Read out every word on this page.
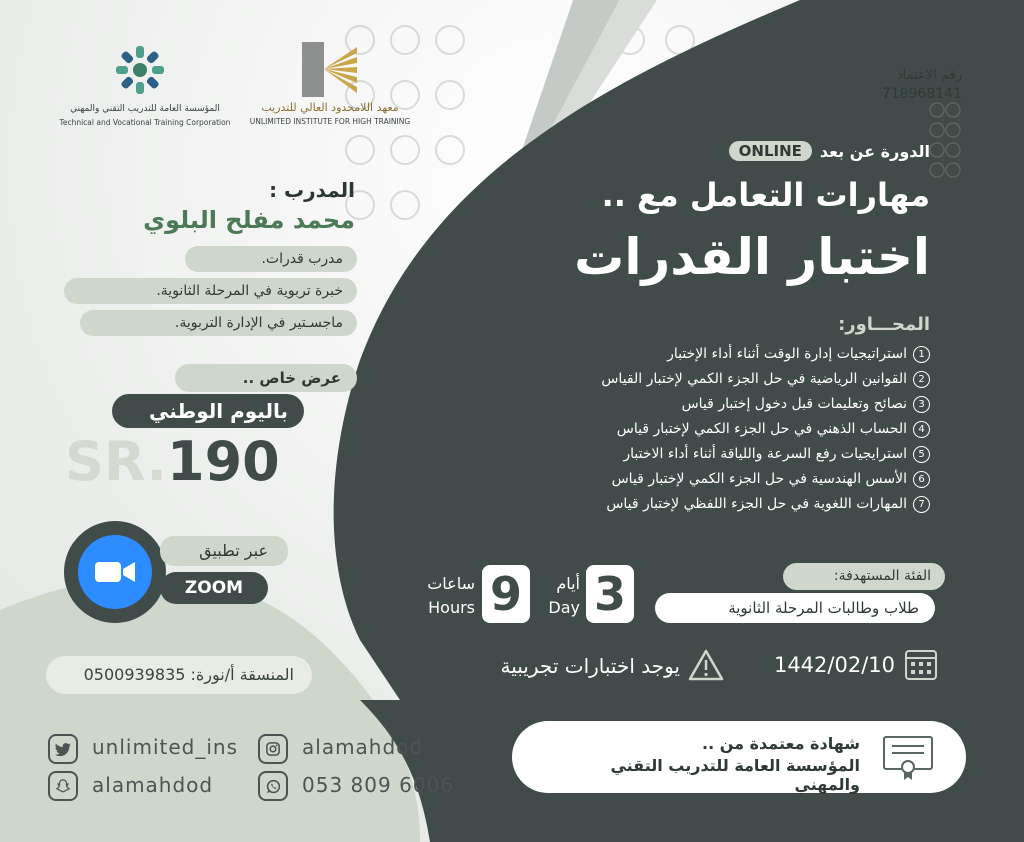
المؤسسة العامة للتدريب التقني والمهني
Technical and Vocational Training Corporation
معهد اللامحدود العالي للتدريب
UNLIMITED INSTITUTE FOR HIGH TRAINING
رقم الاعتماد
718968141
الدورة عن بعد
ONLINE
مهارات التعامل مع ..
اختبار القدرات
المحـــاور:
1استراتيجيات إدارة الوقت أثناء أداء الإختبار
2القوانين الرياضية في حل الجزء الكمي لإختبار القياس
3نصائح وتعليمات قبل دخول إختبار قياس
4الحساب الذهني في حل الجزء الكمي لإختبار قياس
5استرايجيات رفع السرعة واللياقة أثناء أداء الاختبار
6الأسس الهندسية في حل الجزء الكمي لإختبار قياس
7المهارات اللغوية في حل الجزء اللفظي لإختبار قياس
الفئة المستهدفة:
طلاب وطالبات المرحلة الثانوية
3
أيام
Day
9
ساعات
Hours
1442/02/10
يوجد اختبارات تجريبية
شهادة معتمدة من ..
المؤسسة العامة للتدريب التقني والمهني
المدرب :
محمد مفلح البلوي
مدرب قدرات.
خبرة تربوية في المرحلة الثانوية.
ماجسـتير في الإدارة التربوية.
عرض خاص ..
باليوم الوطني
SR. 190
عبر تطبيق
ZOOM
المنسقة أ/نورة: 0500939835
unlimited_ins	alamahdod
alamahdod	053 809 6006
